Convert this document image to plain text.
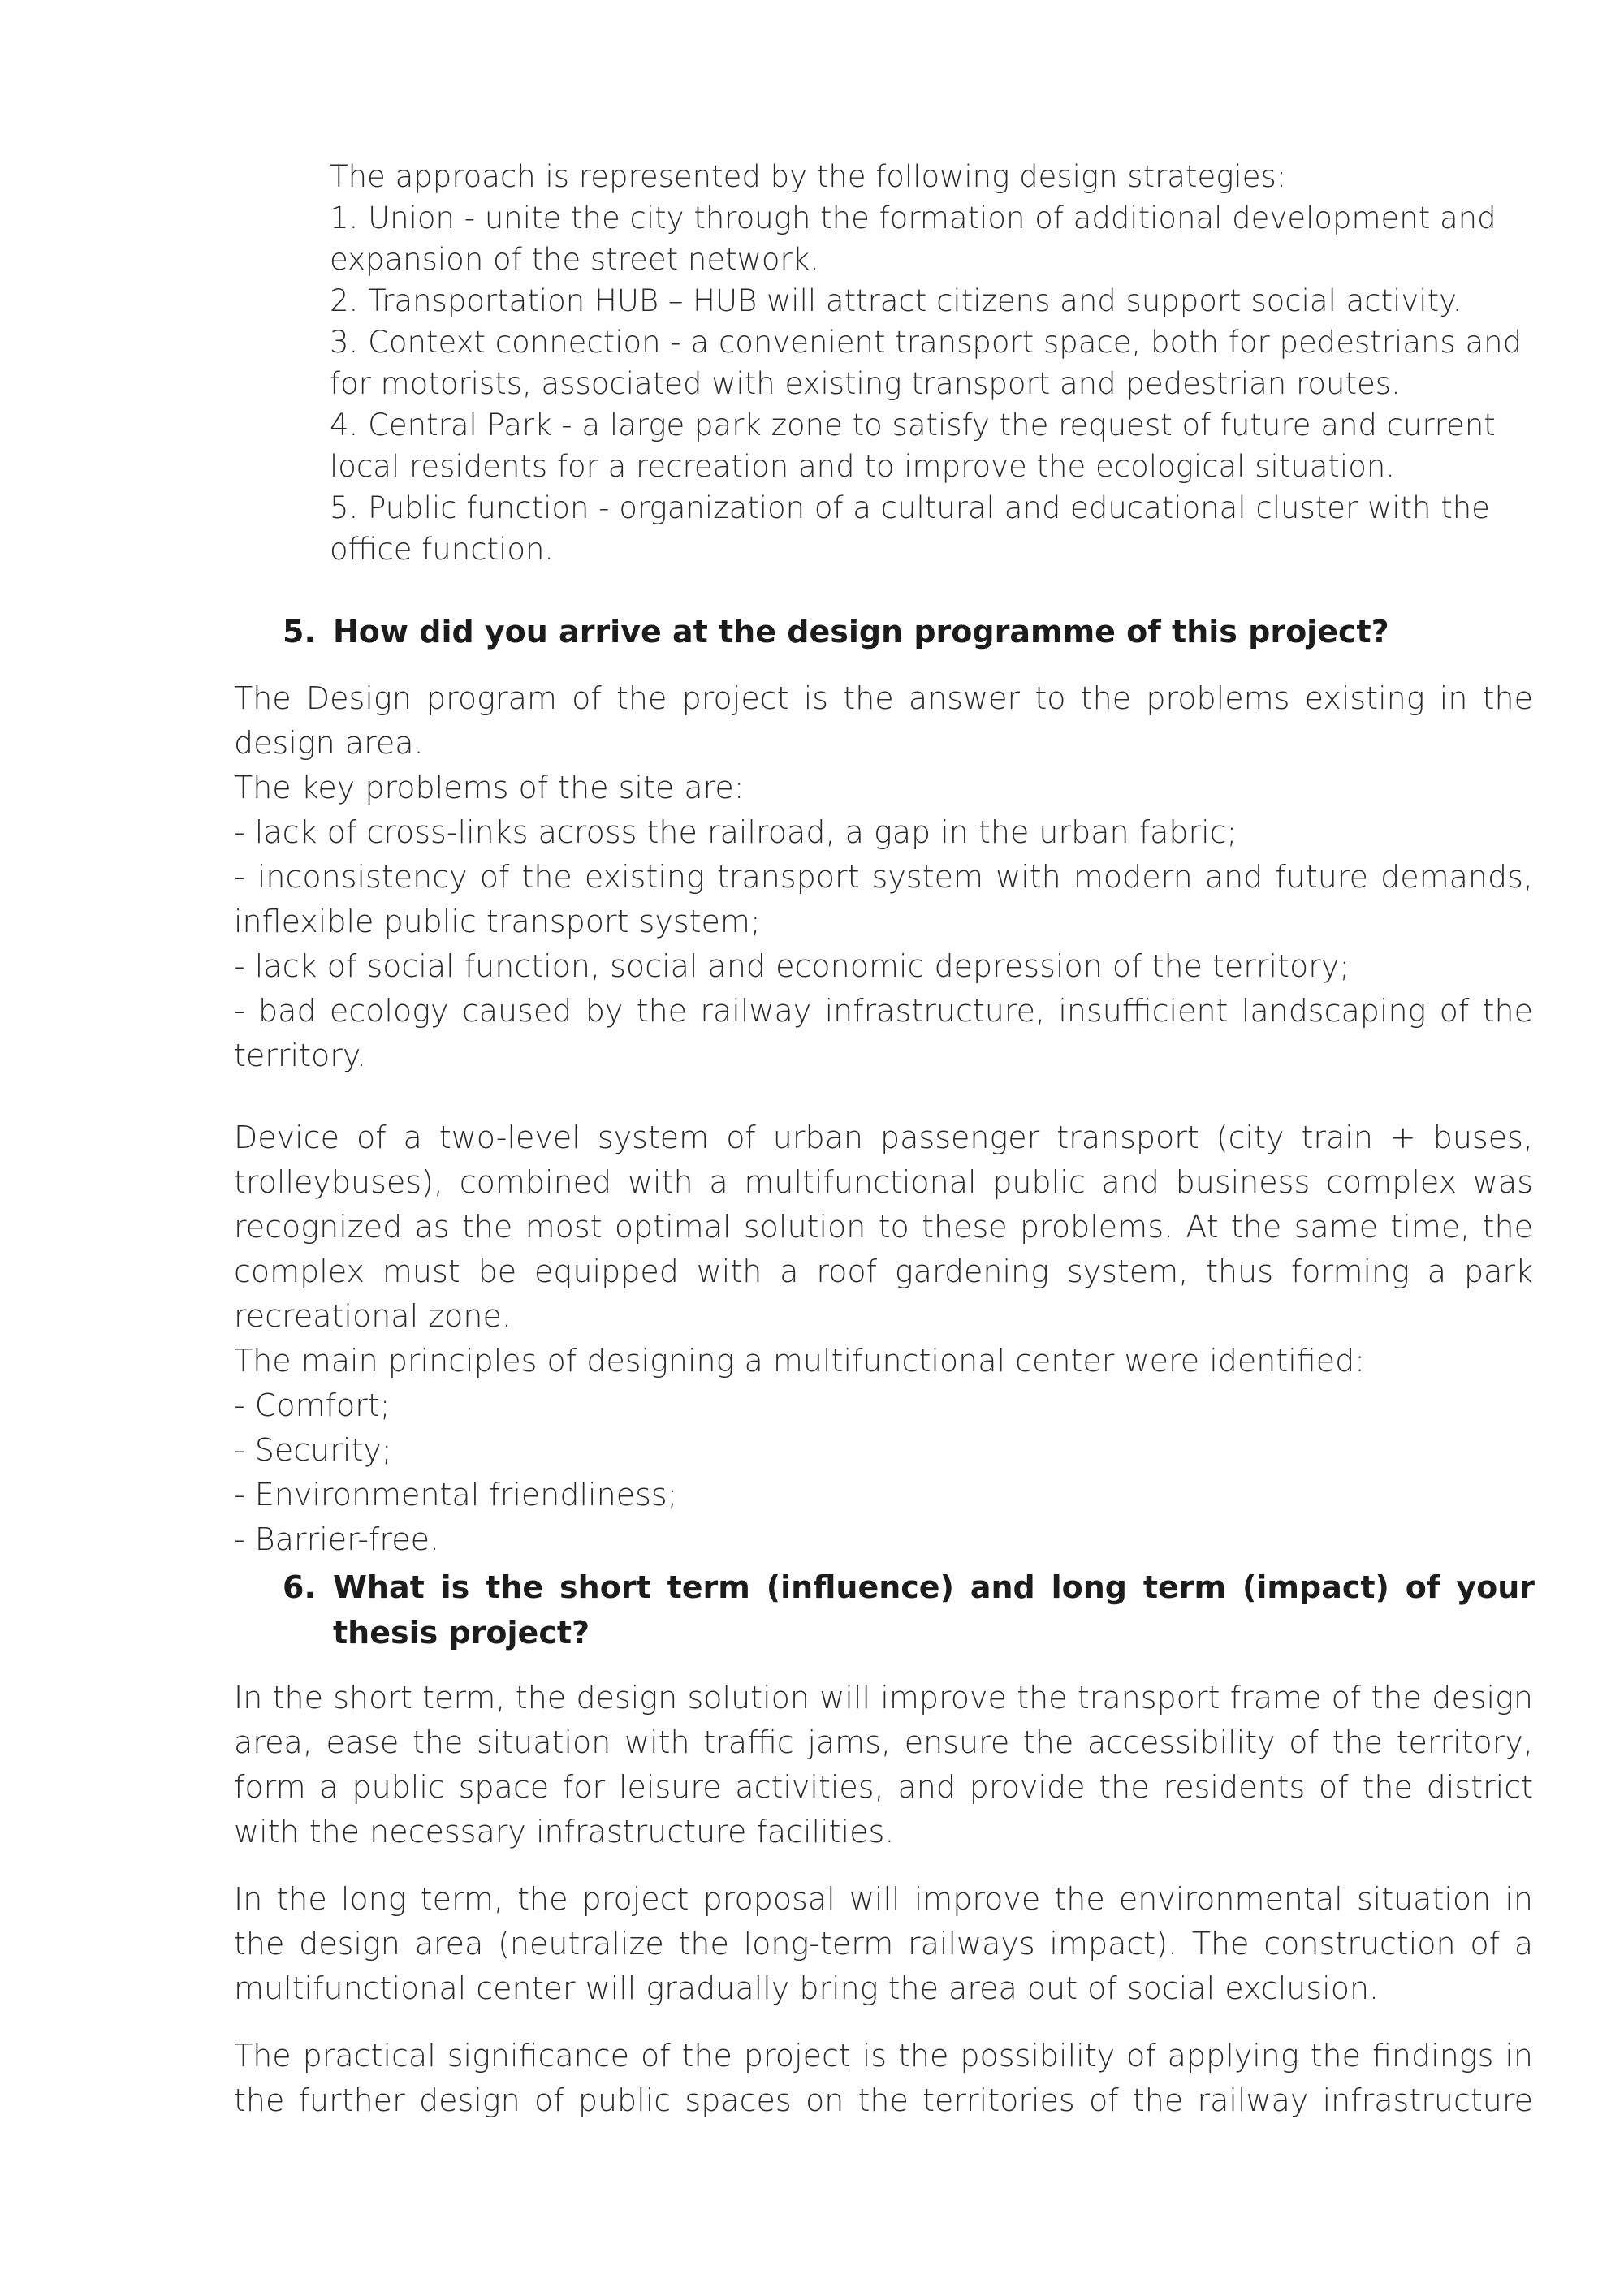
The approach is represented by the following design strategies:
1. Union - unite the city through the formation of additional development and expansion of the street network.
2. Transportation HUB – HUB will attract citizens and support social activity.
3. Context connection - a convenient transport space, both for pedestrians and for motorists, associated with existing transport and pedestrian routes.
4. Central Park - a large park zone to satisfy the request of future and current local residents for a recreation and to improve the ecological situation.
5. Public function - organization of a cultural and educational cluster with the office function.
5. How did you arrive at the design programme of this project?
The Design program of the project is the answer to the problems existing in the design area.
The key problems of the site are:
- lack of cross-links across the railroad, a gap in the urban fabric;
- inconsistency of the existing transport system with modern and future demands, inflexible public transport system;
- lack of social function, social and economic depression of the territory;
- bad ecology caused by the railway infrastructure, insufficient landscaping of the territory.
Device of a two-level system of urban passenger transport (city train + buses, trolleybuses), combined with a multifunctional public and business complex was recognized as the most optimal solution to these problems. At the same time, the complex must be equipped with a roof gardening system, thus forming a park recreational zone.
The main principles of designing a multifunctional center were identified:
- Comfort;
- Security;
- Environmental friendliness;
- Barrier-free.
6. What is the short term (influence) and long term (impact) of your thesis project?
In the short term, the design solution will improve the transport frame of the design area, ease the situation with traffic jams, ensure the accessibility of the territory, form a public space for leisure activities, and provide the residents of the district with the necessary infrastructure facilities.
In the long term, the project proposal will improve the environmental situation in the design area (neutralize the long-term railways impact). The construction of a multifunctional center will gradually bring the area out of social exclusion.
The practical significance of the project is the possibility of applying the findings in the further design of public spaces on the territories of the railway infrastructure
